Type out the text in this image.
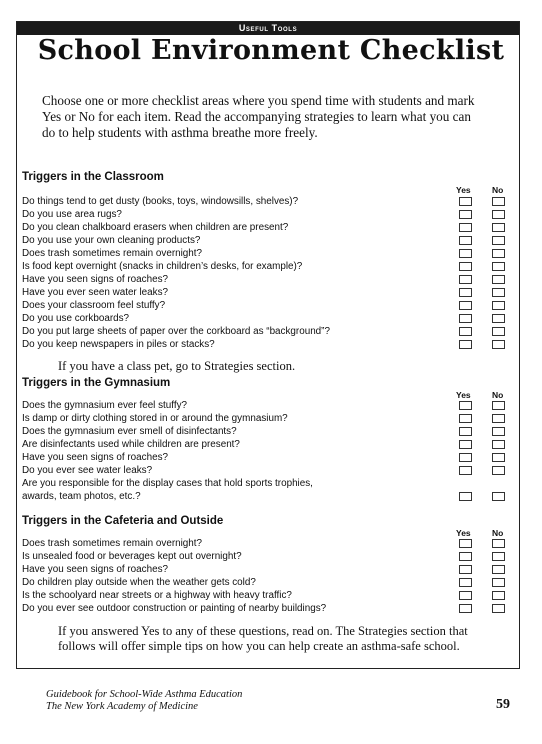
Useful Tools
School Environment Checklist
Choose one or more checklist areas where you spend time with students and mark Yes or No for each item. Read the accompanying strategies to learn what you can do to help students with asthma breathe more freely.
Triggers in the Classroom
Yes	No
Do things tend to get dusty (books, toys, windowsills, shelves)?
Do you use area rugs?
Do you clean chalkboard erasers when children are present?
Do you use your own cleaning products?
Does trash sometimes remain overnight?
Is food kept overnight (snacks in children’s desks, for example)?
Have you seen signs of roaches?
Have you ever seen water leaks?
Does your classroom feel stuffy?
Do you use corkboards?
Do you put large sheets of paper over the corkboard as “background”?
Do you keep newspapers in piles or stacks?
If you have a class pet, go to Strategies section.
Triggers in the Gymnasium
Yes	No
Does the gymnasium ever feel stuffy?
Is damp or dirty clothing stored in or around the gymnasium?
Does the gymnasium ever smell of disinfectants?
Are disinfectants used while children are present?
Have you seen signs of roaches?
Do you ever see water leaks?
Are you responsible for the display cases that hold sports trophies,
awards, team photos, etc.?
Triggers in the Cafeteria and Outside
Yes	No
Does trash sometimes remain overnight?
Is unsealed food or beverages kept out overnight?
Have you seen signs of roaches?
Do children play outside when the weather gets cold?
Is the schoolyard near streets or a highway with heavy traffic?
Do you ever see outdoor construction or painting of nearby buildings?
If you answered Yes to any of these questions, read on. The Strategies section that
follows will offer simple tips on how you can help create an asthma-safe school.
Guidebook for School-Wide Asthma Education
The New York Academy of Medicine	59
